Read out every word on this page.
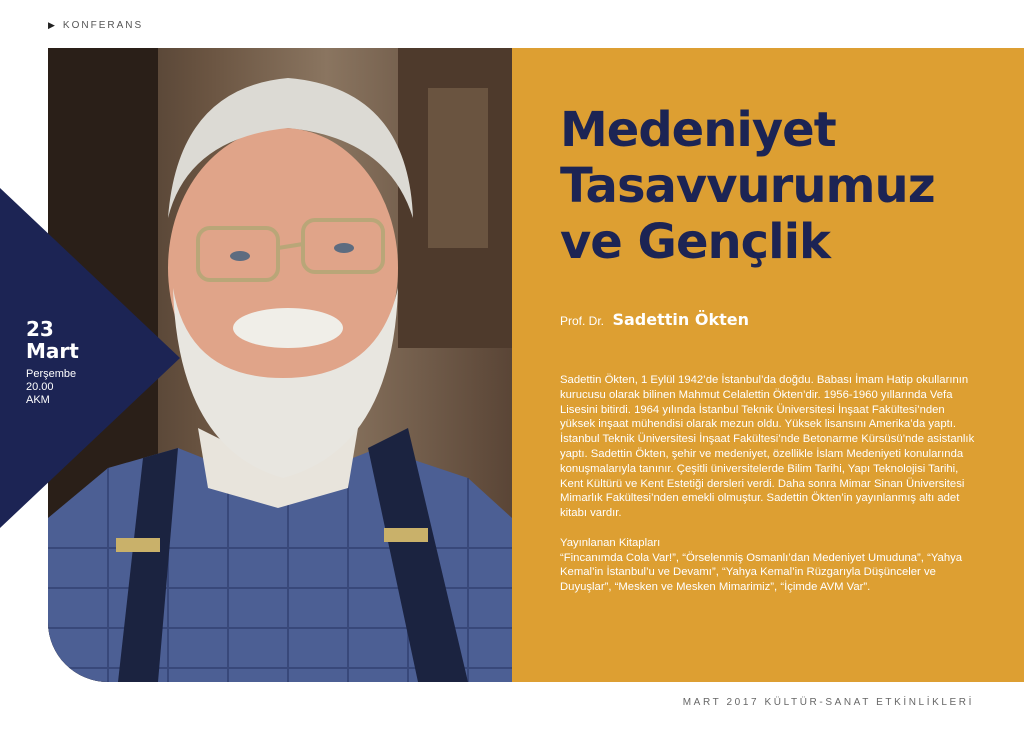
▶ KONFERANS
23
Mart
Perşembe
20.00
AKM
Medeniyet
Tasavvurumuz
ve Gençlik
Prof. Dr. Sadettin Ökten

Sadettin Ökten, 1 Eylül 1942’de İstanbul’da doğdu. Babası İmam Hatip okullarının kurucusu olarak bilinen Mahmut Celalettin Ökten’dir. 1956-1960 yıllarında Vefa Lisesini bitirdi. 1964 yılında İstanbul Teknik Üniversitesi İnşaat Fakültesi’nden yüksek inşaat mühendisi olarak mezun oldu. Yüksek lisansını Amerika’da yaptı. İstanbul Teknik Üniversitesi İnşaat Fakültesi’nde Betonarme Kürsüsü’nde asistanlık yaptı. Sadettin Ökten, şehir ve medeniyet, özellikle İslam Medeniyeti konularında konuşmalarıyla tanınır. Çeşitli üniversitelerde Bilim Tarihi, Yapı Teknolojisi Tarihi, Kent Kültürü ve Kent Estetiği dersleri verdi. Daha sonra Mimar Sinan Üniversitesi Mimarlık Fakültesi’nden emekli olmuştur. Sadettin Ökten’in yayınlanmış altı adet kitabı vardır.

Yayınlanan Kitapları

“Fincanımda Cola Var!”, “Örselenmiş Osmanlı’dan Medeniyet Umuduna”, “Yahya Kemal’in İstanbul’u ve Devamı”, “Yahya Kemal’in Rüzgarıyla Düşünceler ve Duyuşlar”, “Mesken ve Mesken Mimarimiz”, “İçimde AVM Var”.

MART 2017 KÜLTÜR-SANAT ETKİNLİKLERİ
